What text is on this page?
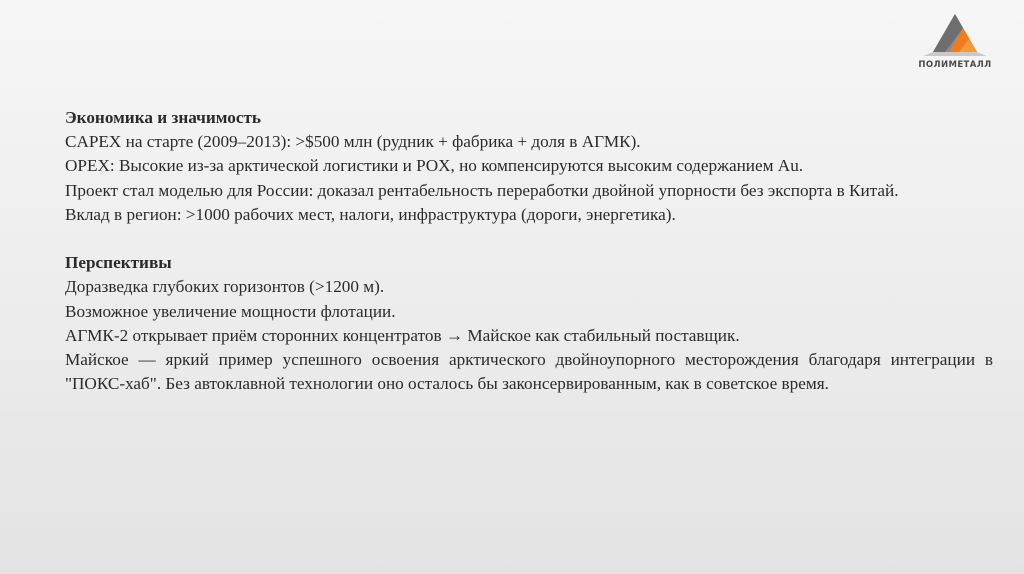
ПОЛИМЕТАЛЛ

Экономика и значимость

CAPEX на старте (2009–2013): >$500 млн (рудник + фабрика + доля в АГМК).

OPEX: Высокие из-за арктической логистики и POX, но компенсируются высоким содержанием Au.

Проект стал моделью для России: доказал рентабельность переработки двойной упорности без экспорта в Китай.

Вклад в регион: >1000 рабочих мест, налоги, инфраструктура (дороги, энергетика).

Перспективы

Доразведка глубоких горизонтов (>1200 м).

Возможное увеличение мощности флотации.

АГМК-2 открывает приём сторонних концентратов → Майское как стабильный поставщик.

Майское — яркий пример успешного освоения арктического двойноупорного месторождения благодаря интеграции в "ПОКС-хаб". Без автоклавной технологии оно осталось бы законсервированным, как в советское время.
